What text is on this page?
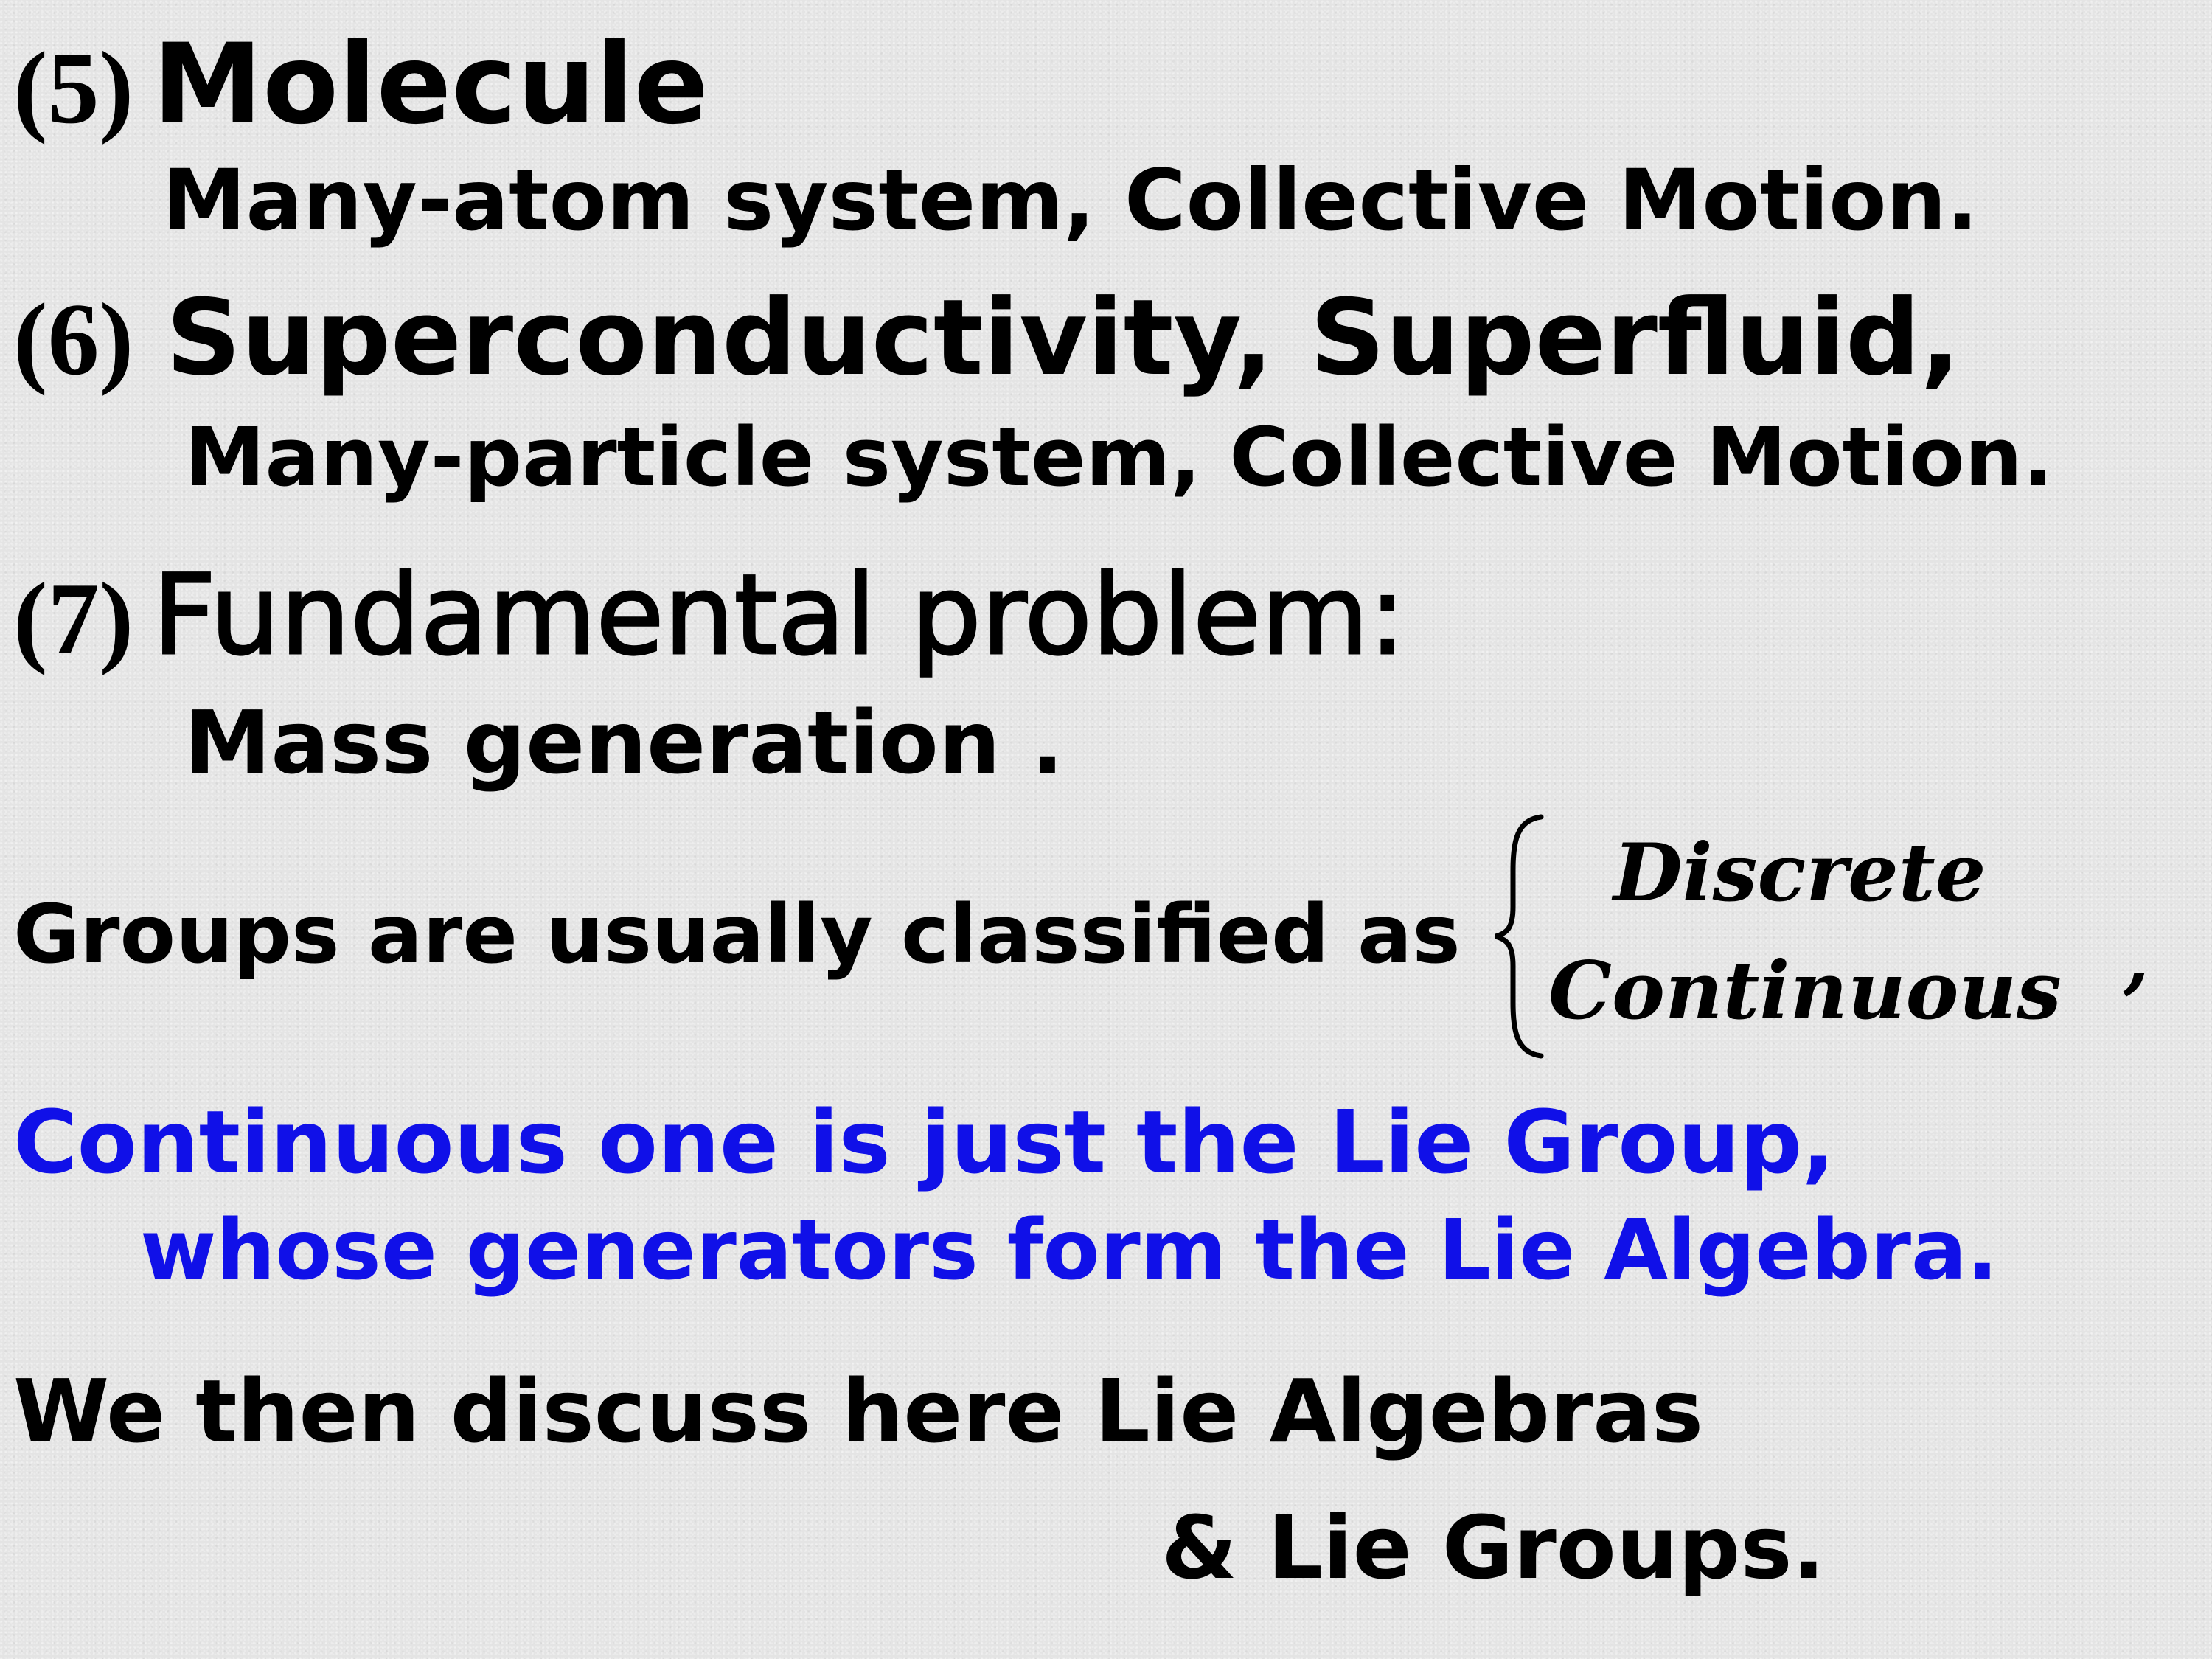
(5) Molecule
Many-atom system, Collective Motion.
(6) Superconductivity, Superfluid,
Many-particle system, Collective Motion.
(7) Fundamental problem:
Mass generation .
Groups are usually classified as
Discrete
Continuous ,
Continuous one is just the Lie Group,
whose generators form the Lie Algebra.
We then discuss here Lie Algebras
& Lie Groups.
